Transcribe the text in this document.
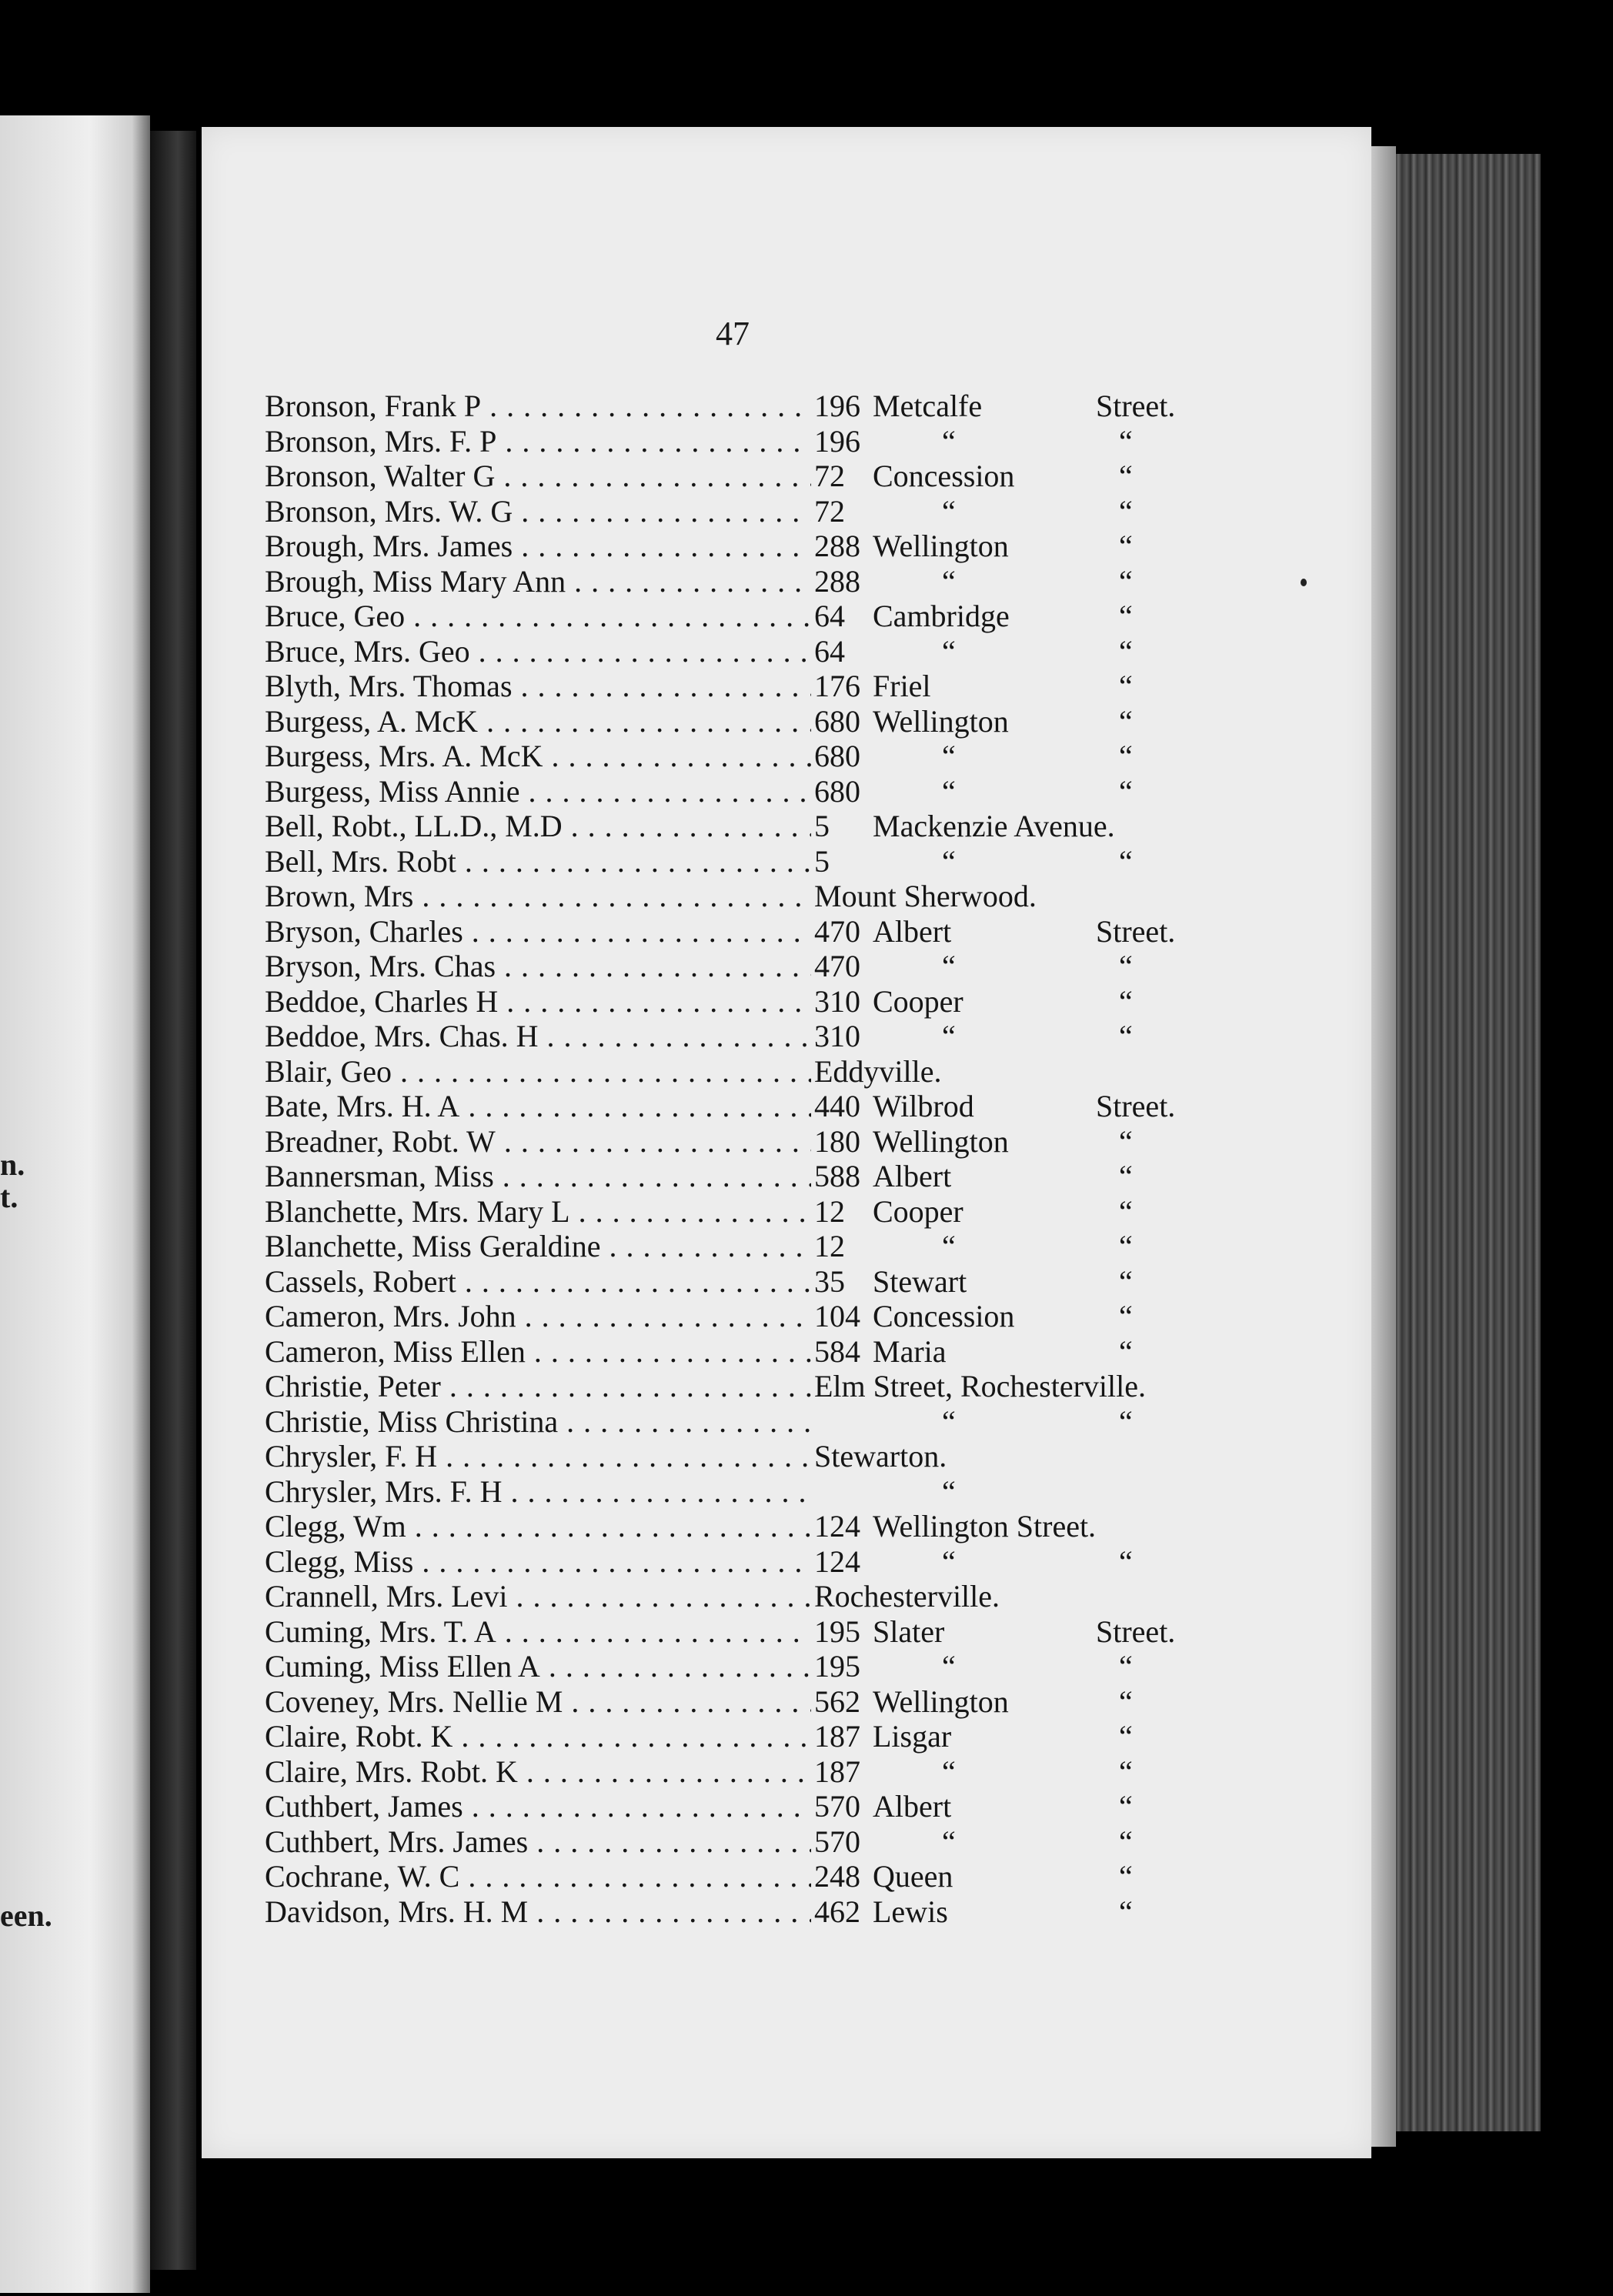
n.
t.
een.
47
Bronson, Frank P . . .	196 Metcalfe	Street.
Bronson, Mrs. F. P . . .	196	“	“
Bronson, Walter G . . .	72 Concession	“
Bronson, Mrs. W. G . . .	72	“	“
Brough, Mrs. James . . .	288 Wellington	“
Brough, Miss Mary Ann . . .	288	“	“
Bruce, Geo . . .	64 Cambridge	“
Bruce, Mrs. Geo . . .	64	“	“
Blyth, Mrs. Thomas . . .	176 Friel	“
Burgess, A. McK . . .	680 Wellington	“
Burgess, Mrs. A. McK . . .	680	“	“
Burgess, Miss Annie . . .	680	“	“
Bell, Robt., LL.D., M.D . . .	5 Mackenzie Avenue.
Bell, Mrs. Robt . . .	5	“	“
Brown, Mrs . . .	Mount Sherwood.
Bryson, Charles . . .	470 Albert	Street.
Bryson, Mrs. Chas . . .	470	“	“
Beddoe, Charles H . . .	310 Cooper	“
Beddoe, Mrs. Chas. H . . .	310	“	“
Blair, Geo . . .	Eddyville.
Bate, Mrs. H. A . . .	440 Wilbrod	Street.
Breadner, Robt. W . . .	180 Wellington	“
Bannersman, Miss . . .	588 Albert	“
Blanchette, Mrs. Mary L . . .	12 Cooper	“
Blanchette, Miss Geraldine . . .	12	“	“
Cassels, Robert . . .	35 Stewart	“
Cameron, Mrs. John . . .	104 Concession	“
Cameron, Miss Ellen . . .	584 Maria	“
Christie, Peter . . .	Elm Street, Rochesterville.
Christie, Miss Christina . . .	“	“
Chrysler, F. H . . .	Stewarton.
Chrysler, Mrs. F. H . . .	“
Clegg, Wm . . .	124 Wellington Street.
Clegg, Miss . . .	124	“	“
Crannell, Mrs. Levi . . .	Rochesterville.
Cuming, Mrs. T. A . . .	195 Slater	Street.
Cuming, Miss Ellen A . . .	195	“	“
Coveney, Mrs. Nellie M . . .	562 Wellington	“
Claire, Robt. K . . .	187 Lisgar	“
Claire, Mrs. Robt. K . . .	187	“	“
Cuthbert, James . . .	570 Albert	“
Cuthbert, Mrs. James . . .	570	“	“
Cochrane, W. C . . .	248 Queen	“
Davidson, Mrs. H. M . . .	462 Lewis	“
